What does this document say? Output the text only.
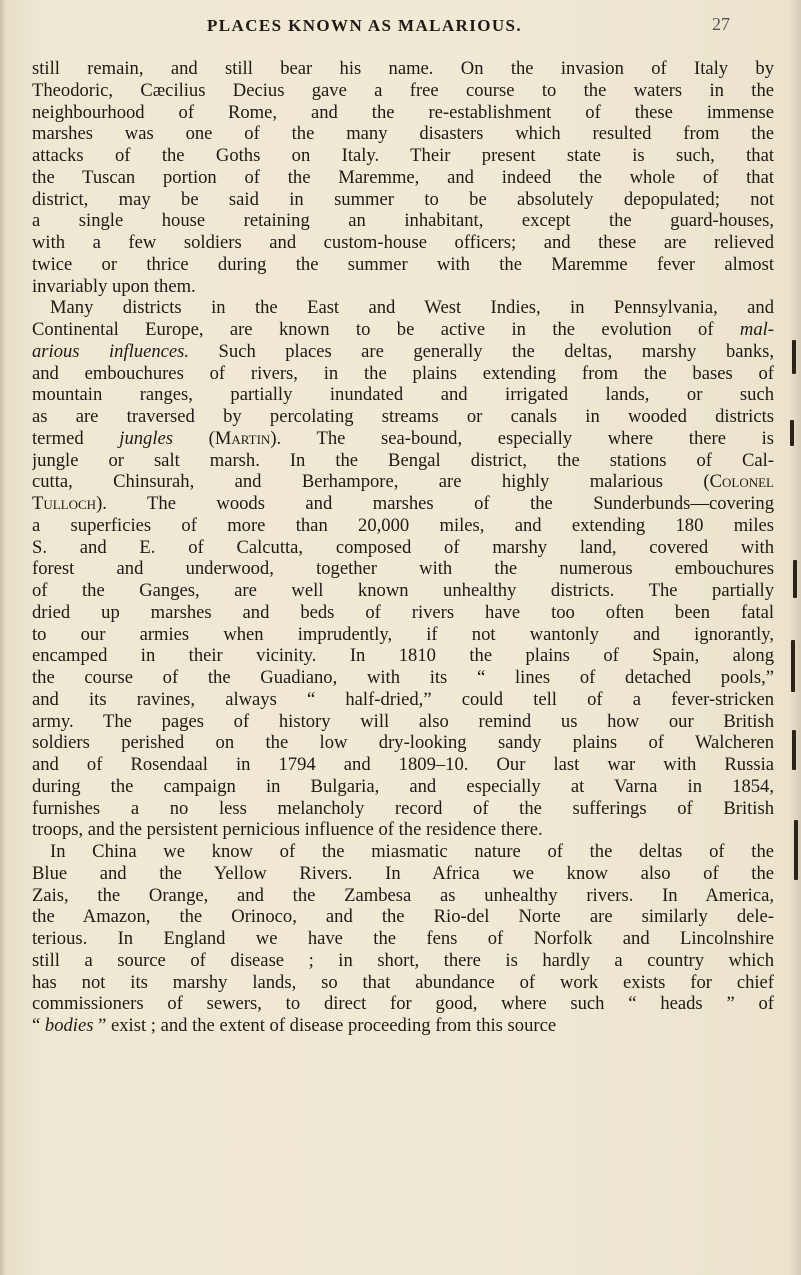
PLACES KNOWN AS MALARIOUS.	27
still remain, and still bear his name. On the invasion of Italy by
Theodoric, Cæcilius Decius gave a free course to the waters in the
neighbourhood of Rome, and the re-establishment of these immense
marshes was one of the many disasters which resulted from the
attacks of the Goths on Italy. Their present state is such, that
the Tuscan portion of the Maremme, and indeed the whole of that
district, may be said in summer to be absolutely depopulated; not
a single house retaining an inhabitant, except the guard-houses,
with a few soldiers and custom-house officers; and these are relieved
twice or thrice during the summer with the Maremme fever almost
invariably upon them.
Many districts in the East and West Indies, in Pennsylvania, and
Continental Europe, are known to be active in the evolution of mal-
arious influences. Such places are generally the deltas, marshy banks,
and embouchures of rivers, in the plains extending from the bases of
mountain ranges, partially inundated and irrigated lands, or such
as are traversed by percolating streams or canals in wooded districts
termed jungles (Martin). The sea-bound, especially where there is
jungle or salt marsh. In the Bengal district, the stations of Cal-
cutta, Chinsurah, and Berhampore, are highly malarious (Colonel
Tulloch). The woods and marshes of the Sunderbunds—covering
a superficies of more than 20,000 miles, and extending 180 miles
S. and E. of Calcutta, composed of marshy land, covered with
forest and underwood, together with the numerous embouchures
of the Ganges, are well known unhealthy districts. The partially
dried up marshes and beds of rivers have too often been fatal
to our armies when imprudently, if not wantonly and ignorantly,
encamped in their vicinity. In 1810 the plains of Spain, along
the course of the Guadiano, with its “ lines of detached pools,”
and its ravines, always “ half-dried,” could tell of a fever-stricken
army. The pages of history will also remind us how our British
soldiers perished on the low dry-looking sandy plains of Walcheren
and of Rosendaal in 1794 and 1809–10. Our last war with Russia
during the campaign in Bulgaria, and especially at Varna in 1854,
furnishes a no less melancholy record of the sufferings of British
troops, and the persistent pernicious influence of the residence there.
In China we know of the miasmatic nature of the deltas of the
Blue and the Yellow Rivers. In Africa we know also of the
Zais, the Orange, and the Zambesa as unhealthy rivers. In America,
the Amazon, the Orinoco, and the Rio-del Norte are similarly dele-
terious. In England we have the fens of Norfolk and Lincolnshire
still a source of disease ; in short, there is hardly a country which
has not its marshy lands, so that abundance of work exists for chief
commissioners of sewers, to direct for good, where such “ heads ” of
“ bodies ” exist ; and the extent of disease proceeding from this source
